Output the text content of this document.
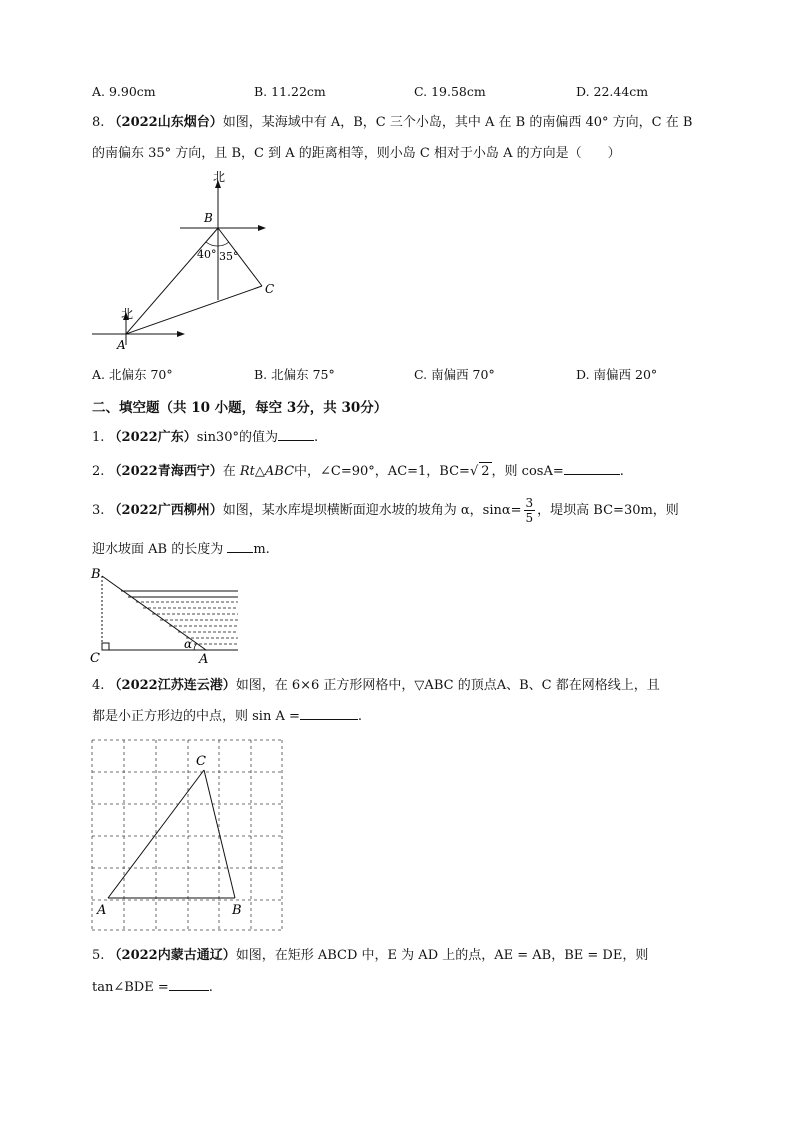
A. 9.90cm	B. 11.22cm	C. 19.58cm	D. 22.44cm
8. （2022山东烟台）如图，某海域中有 A，B，C 三个小岛，其中 A 在 B 的南偏西 40° 方向，C 在 B
的南偏东 35° 方向，且 B，C 到 A 的距离相等，则小岛 C 相对于小岛 A 的方向是（　　）
北
北
B
A
C
40° 35°
A. 北偏东 70°	B. 北偏东 75°	C. 南偏西 70°	D. 南偏西 20°
二、填空题（共 10 小题，每空 3分，共 30分）
1. （2022广东）sin30°的值为	.
2. （2022青海西宁）在 Rt△ABC中，∠C=90°，AC=1，BC=√ 2 ，则 cosA=	.
3. （2022广西柳州）如图，某水库堤坝横断面迎水坡的坡角为 α，$\sin\alpha= \frac{3}{5}$ ，堤坝高 BC=30m，则
迎水坡面 AB 的长度为 m.
B
C	A
α
4. （2022江苏连云港）如图，在 6×6 正方形网格中，▽ABC 的顶点A、B、C 都在网格线上，且
都是小正方形边的中点，则 sin A =	.
C
A	B
5. （2022内蒙古通辽）如图，在矩形 ABCD 中，E 为 AD 上的点，AE = AB，BE = DE，则
tan∠BDE =	.
